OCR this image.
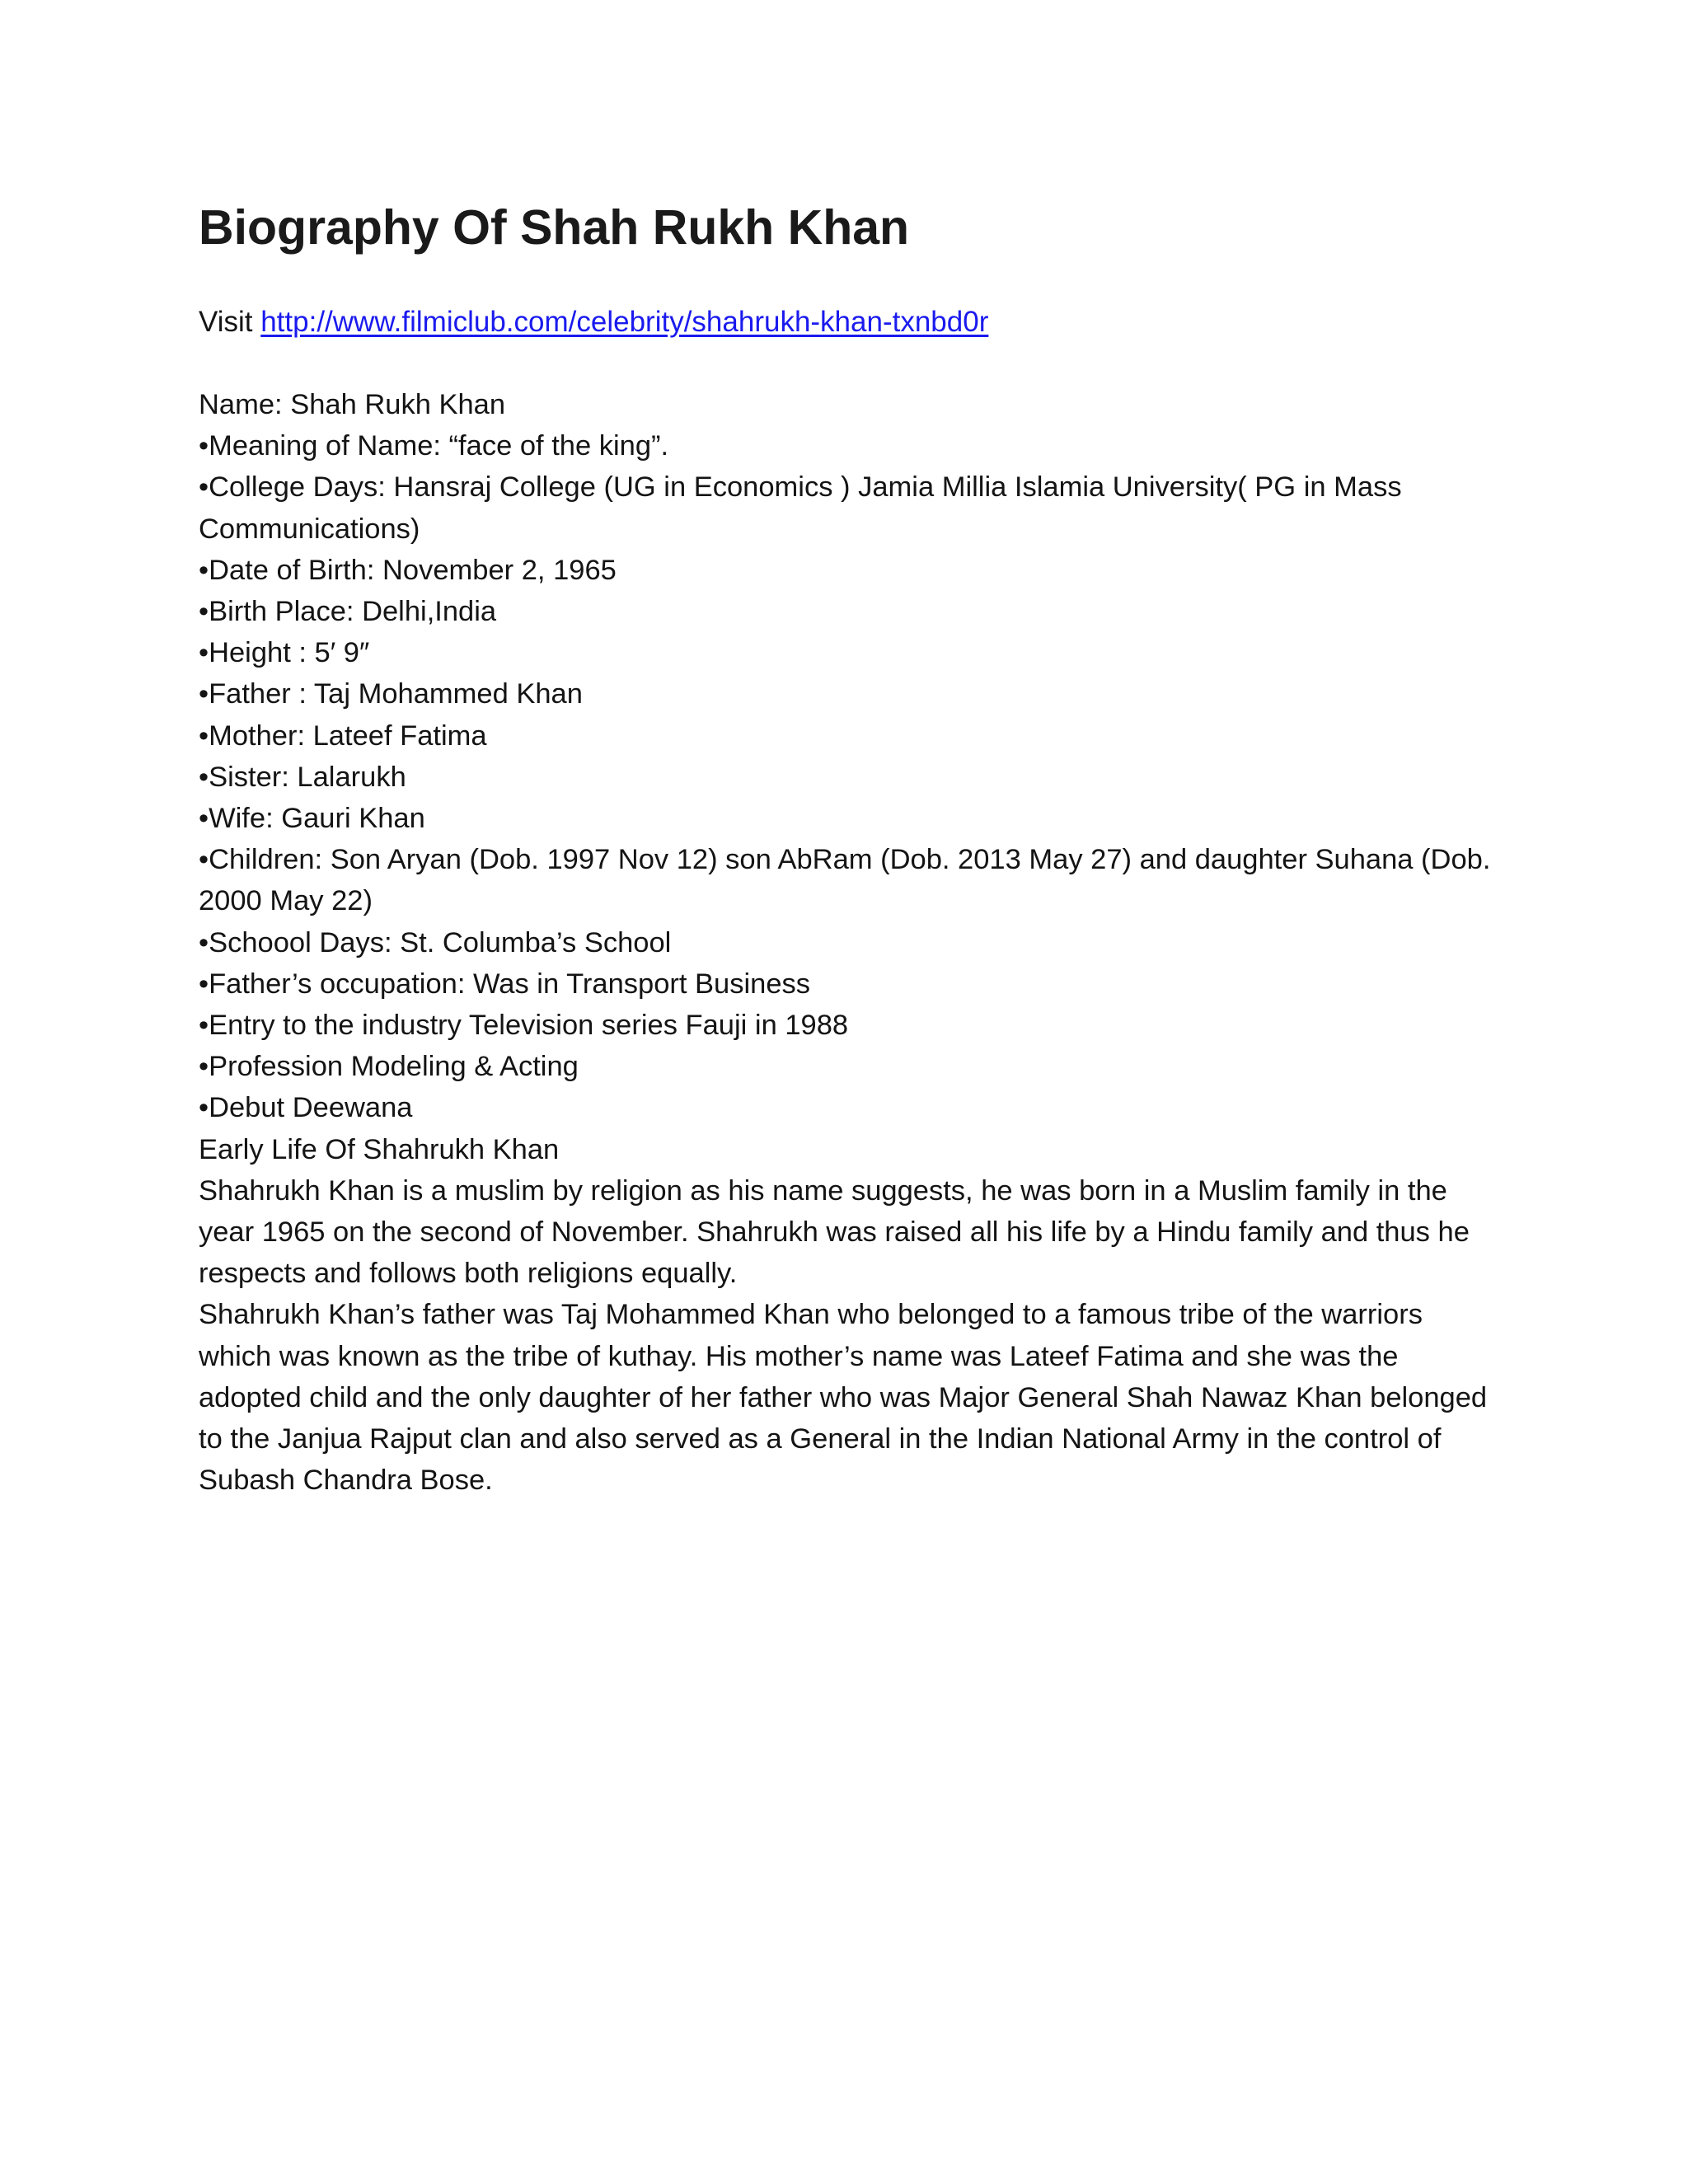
Biography Of Shah Rukh Khan
Visit http://www.filmiclub.com/celebrity/shahrukh-khan-txnbd0r
Name: Shah Rukh Khan
•Meaning of Name: “face of the king”.
•College Days: Hansraj College (UG in Economics ) Jamia Millia Islamia University( PG in Mass Communications)
•Date of Birth: November 2, 1965
•Birth Place: Delhi,India
•Height : 5′ 9″
•Father : Taj Mohammed Khan
•Mother: Lateef Fatima
•Sister: Lalarukh
•Wife: Gauri Khan
•Children: Son Aryan (Dob. 1997 Nov 12) son AbRam (Dob. 2013 May 27) and daughter Suhana (Dob. 2000 May 22)
•Schoool Days: St. Columba’s School
•Father’s occupation: Was in Transport Business
•Entry to the industry Television series Fauji in 1988
•Profession Modeling & Acting
•Debut Deewana
Early Life Of Shahrukh Khan
Shahrukh Khan is a muslim by religion as his name suggests, he was born in a Muslim family in the year 1965 on the second of November. Shahrukh was raised all his life by a Hindu family and thus he respects and follows both religions equally.
Shahrukh Khan’s father was Taj Mohammed Khan who belonged to a famous tribe of the warriors which was known as the tribe of kuthay. His mother’s name was Lateef Fatima and she was the adopted child and the only daughter of her father who was Major General Shah Nawaz Khan belonged to the Janjua Rajput clan and also served as a General in the Indian National Army in the control of Subash Chandra Bose.
